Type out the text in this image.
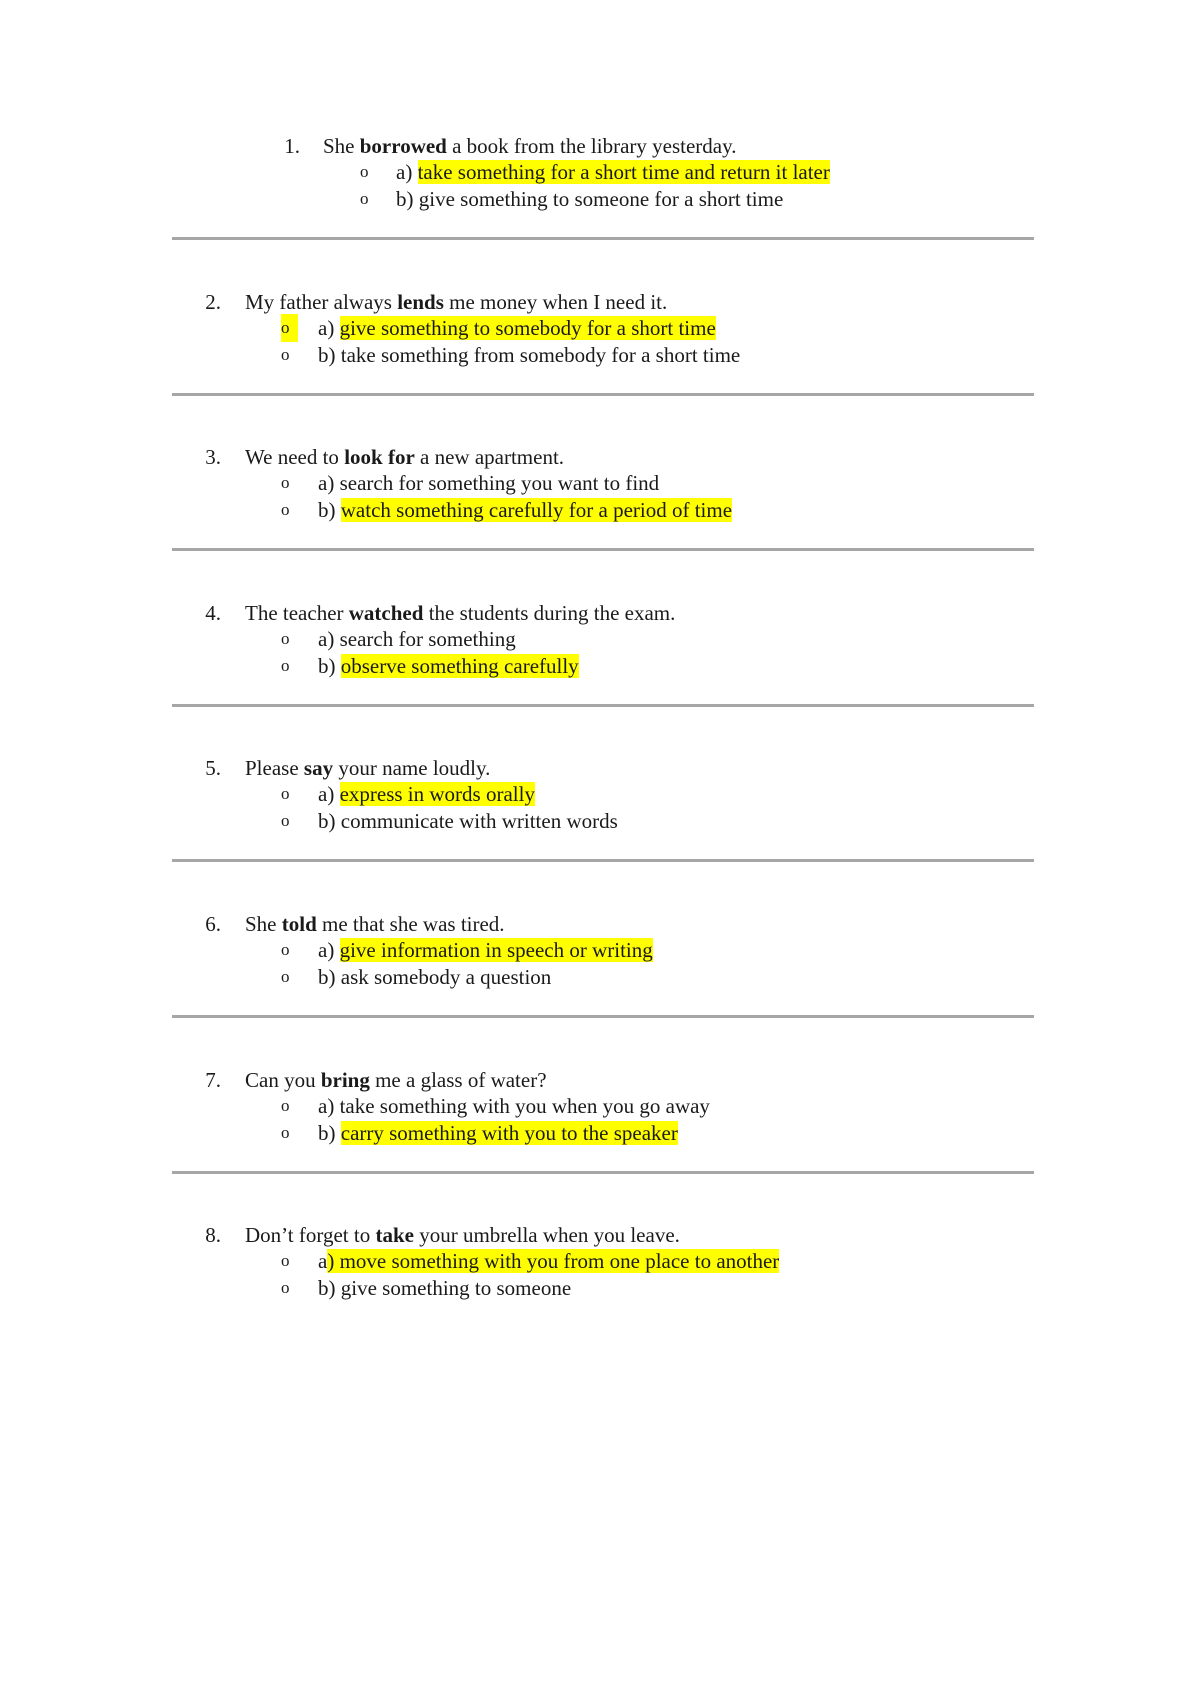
1. She borrowed a book from the library yesterday.
o a) take something for a short time and return it later
o b) give something to someone for a short time
2. My father always lends me money when I need it.
o	a) give something to somebody for a short time
o b) take something from somebody for a short time
3. We need to look for a new apartment.
o a) search for something you want to find
o b) watch something carefully for a period of time
4. The teacher watched the students during the exam.
o a) search for something
o b) observe something carefully
5. Please say your name loudly.
o a) express in words orally
o b) communicate with written words
6. She told me that she was tired.
o a) give information in speech or writing
o b) ask somebody a question
7. Can you bring me a glass of water?
o a) take something with you when you go away
o b) carry something with you to the speaker
8. Don’t forget to take your umbrella when you leave.
o a) move something with you from one place to another
o b) give something to someone
